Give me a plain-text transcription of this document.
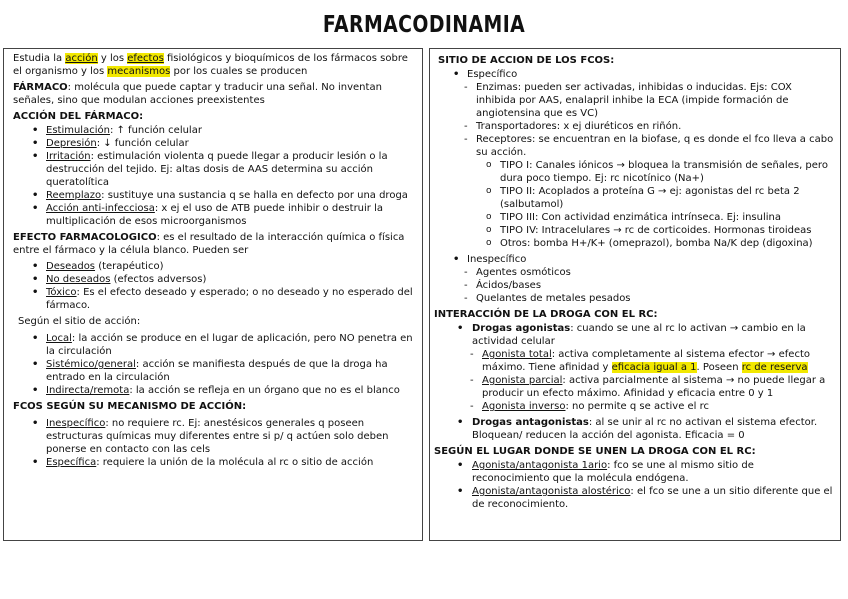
FARMACODINAMIA

Estudia la acción y los efectos fisiológicos y bioquímicos de los fármacos sobre el organismo y los mecanismos por los cuales se producen

FÁRMACO: molécula que puede captar y traducir una señal. No inventan señales, sino que modulan acciones preexistentes

ACCIÓN DEL FÁRMACO:
• Estimulación: ↑ función celular
• Depresión: ↓ función celular
• Irritación: estimulación violenta q puede llegar a producir lesión o la destrucción del tejido. Ej: altas dosis de AAS determina su acción queratolítica
• Reemplazo: sustituye una sustancia q se halla en defecto por una droga
• Acción anti-infecciosa: x ej el uso de ATB puede inhibir o destruir la multiplicación de esos microorganismos

EFECTO FARMACOLOGICO: es el resultado de la interacción química o física entre el fármaco y la célula blanco. Pueden ser

• Deseados (terapéutico)
• No deseados (efectos adversos)
• Tóxico: Es el efecto deseado y esperado; o no deseado y no esperado del fármaco.

Según el sitio de acción:

• Local: la acción se produce en el lugar de aplicación, pero NO penetra en la circulación
• Sistémico/general: acción se manifiesta después de que la droga ha entrado en la circulación
• Indirecta/remota: la acción se refleja en un órgano que no es el blanco
FCOS SEGÚN SU MECANISMO DE ACCIÓN:
• Inespecífico: no requiere rc. Ej: anestésicos generales q poseen estructuras químicas muy diferentes entre si p/ q actúen solo deben ponerse en contacto con las cels
• Específica: requiere la unión de la molécula al rc o sitio de acción
SITIO DE ACCION DE LOS FCOS:
• Específico
- Enzimas: pueden ser activadas, inhibidas o inducidas. Ejs: COX inhibida por AAS, enalapril inhibe la ECA (impide formación de angiotensina que es VC)
- Transportadores: x ej diuréticos en riñón.
- Receptores: se encuentran en la biofase, q es donde el fco lleva a cabo su acción.
o TIPO I: Canales iónicos → bloquea la transmisión de señales, pero dura poco tiempo. Ej: rc nicotínico (Na+)
o TIPO II: Acoplados a proteína G → ej: agonistas del rc beta 2 (salbutamol)
o TIPO III: Con actividad enzimática intrínseca. Ej: insulina
o TIPO IV: Intracelulares → rc de corticoides. Hormonas tiroideas
o Otros: bomba H+/K+ (omeprazol), bomba Na/K dep (digoxina)
• Inespecífico
- Agentes osmóticos
- Ácidos/bases
- Quelantes de metales pesados
INTERACCIÓN DE LA DROGA CON EL RC:
• Drogas agonistas: cuando se une al rc lo activan → cambio en la actividad celular
- Agonista total: activa completamente al sistema efector → efecto máximo. Tiene afinidad y eficacia igual a 1. Poseen rc de reserva
- Agonista parcial: activa parcialmente al sistema → no puede llegar a producir un efecto máximo. Afinidad y eficacia entre 0 y 1
- Agonista inverso: no permite q se active el rc
• Drogas antagonistas: al se unir al rc no activan el sistema efector. Bloquean/ reducen la acción del agonista. Eficacia = 0
SEGÚN EL LUGAR DONDE SE UNEN LA DROGA CON EL RC:
• Agonista/antagonista 1ario: fco se une al mismo sitio de reconocimiento que la molécula endógena.
• Agonista/antagonista alostérico: el fco se une a un sitio diferente que el de reconocimiento.
